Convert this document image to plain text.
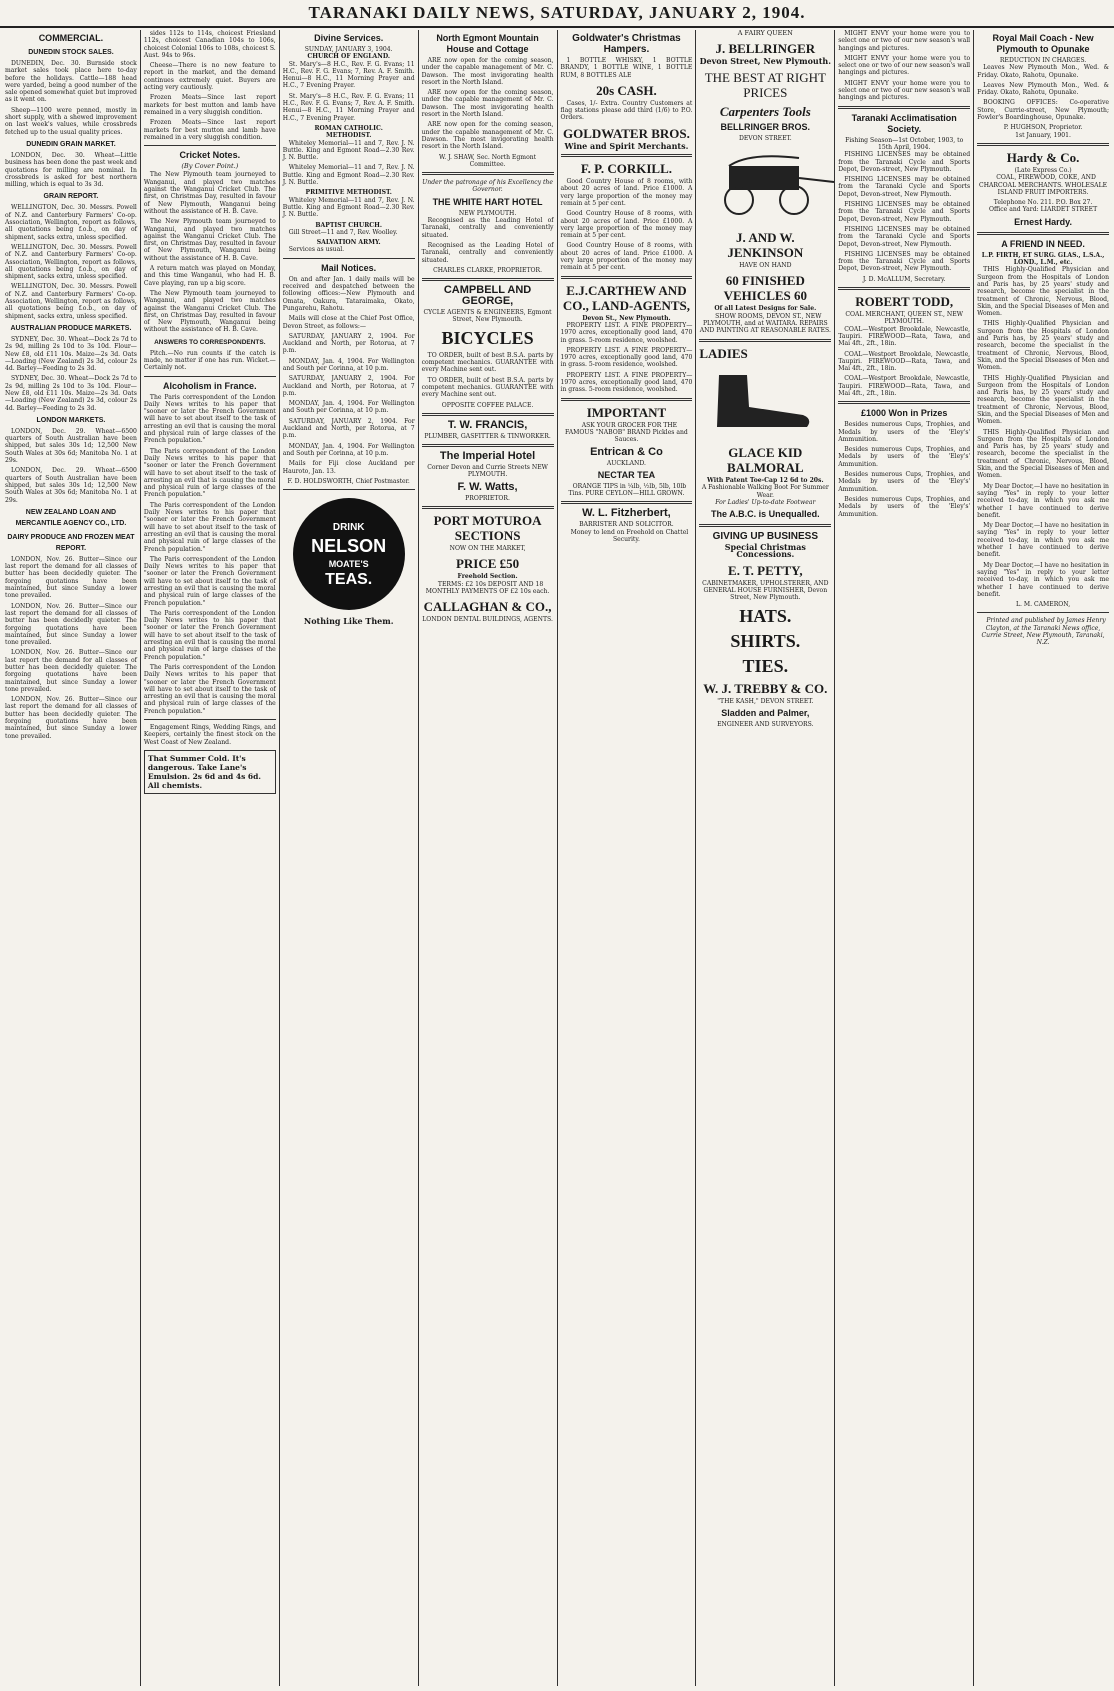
TARANAKI DAILY NEWS, SATURDAY, JANUARY 2, 1904.
COMMERCIAL.
DUNEDIN STOCK SALES.

DUNEDIN, Dec. 30. Burnside stock market sales took place here to-day before the holidays. Cattle—188 head were yarded, being a good number of the sale opened somewhat quiet but improved as it went on.

Sheep—1100 were penned, mostly in short supply, with a shewed improvement on last week's values, while crossbreds fetched up to the usual quality prices.

DUNEDIN GRAIN MARKET.

LONDON, Dec. 30. Wheat—Little business has been done the past week and quotations for milling are nominal. In crossbreds is asked for best northern milling, which is equal to 3s 3d.

GRAIN REPORT.

WELLINGTON, Dec. 30. Messrs. Powell of N.Z. and Canterbury Farmers' Co-op. Association, Wellington, report as follows, all quotations being f.o.b., on day of shipment, sacks extra, unless specified.

WELLINGTON, Dec. 30. Messrs. Powell of N.Z. and Canterbury Farmers' Co-op. Association, Wellington, report as follows, all quotations being f.o.b., on day of shipment, sacks extra, unless specified.

WELLINGTON, Dec. 30. Messrs. Powell of N.Z. and Canterbury Farmers' Co-op. Association, Wellington, report as follows, all quotations being f.o.b., on day of shipment, sacks extra, unless specified.

AUSTRALIAN PRODUCE MARKETS.

SYDNEY, Dec. 30. Wheat—Dock 2s 7d to 2s 9d, milling 2s 10d to 3s 10d. Flour—New £8, old £11 10s. Maize—2s 3d. Oats—Loading (New Zealand) 2s 3d, colour 2s 4d. Barley—Feeding to 2s 3d.

SYDNEY, Dec. 30. Wheat—Dock 2s 7d to 2s 9d, milling 2s 10d to 3s 10d. Flour—New £8, old £11 10s. Maize—2s 3d. Oats—Loading (New Zealand) 2s 3d, colour 2s 4d. Barley—Feeding to 2s 3d.

LONDON MARKETS.

LONDON, Dec. 29. Wheat—6500 quarters of South Australian have been shipped, but sales 30s 1d; 12,500 New South Wales at 30s 6d; Manitoba No. 1 at 29s.

LONDON, Dec. 29. Wheat—6500 quarters of South Australian have been shipped, but sales 30s 1d; 12,500 New South Wales at 30s 6d; Manitoba No. 1 at 29s.

NEW ZEALAND LOAN AND MERCANTILE AGENCY CO., LTD.
DAIRY PRODUCE AND FROZEN MEAT REPORT.

LONDON, Nov. 26. Butter—Since our last report the demand for all classes of butter has been decidedly quieter. The forgoing quotations have been maintained, but since Sunday a lower tone prevailed.

LONDON, Nov. 26. Butter—Since our last report the demand for all classes of butter has been decidedly quieter. The forgoing quotations have been maintained, but since Sunday a lower tone prevailed.

LONDON, Nov. 26. Butter—Since our last report the demand for all classes of butter has been decidedly quieter. The forgoing quotations have been maintained, but since Sunday a lower tone prevailed.

LONDON, Nov. 26. Butter—Since our last report the demand for all classes of butter has been decidedly quieter. The forgoing quotations have been maintained, but since Sunday a lower tone prevailed.

sides 112s to 114s, choicest Friesland 112s, choicest Canadian 104s to 106s, choicest Colonial 106s to 108s, choicest S. Aust. 94s to 96s.

Cheese—There is no new feature to report in the market, and the demand continues extremely quiet. Buyers are acting very cautiously.

Frozen Meats—Since last report markets for best mutton and lamb have remained in a very sluggish condition.

Frozen Meats—Since last report markets for best mutton and lamb have remained in a very sluggish condition.

Cricket Notes.
(By Cover Point.)

The New Plymouth team journeyed to Wanganui, and played two matches against the Wanganui Cricket Club. The first, on Christmas Day, resulted in favour of New Plymouth, Wanganui being without the assistance of H. B. Cave.

The New Plymouth team journeyed to Wanganui, and played two matches against the Wanganui Cricket Club. The first, on Christmas Day, resulted in favour of New Plymouth, Wanganui being without the assistance of H. B. Cave.

A return match was played on Monday, and this time Wanganui, who had H. B. Cave playing, ran up a big score.

The New Plymouth team journeyed to Wanganui, and played two matches against the Wanganui Cricket Club. The first, on Christmas Day, resulted in favour of New Plymouth, Wanganui being without the assistance of H. B. Cave.

ANSWERS TO CORRESPONDENTS.

Pitch.—No run counts if the catch is made, no matter if one has run. Wicket.—Certainly not.

Alcoholism in France.

The Paris correspondent of the London Daily News writes to his paper that "sooner or later the French Government will have to set about itself to the task of arresting an evil that is causing the moral and physical ruin of large classes of the French population."

The Paris correspondent of the London Daily News writes to his paper that "sooner or later the French Government will have to set about itself to the task of arresting an evil that is causing the moral and physical ruin of large classes of the French population."

The Paris correspondent of the London Daily News writes to his paper that "sooner or later the French Government will have to set about itself to the task of arresting an evil that is causing the moral and physical ruin of large classes of the French population."

The Paris correspondent of the London Daily News writes to his paper that "sooner or later the French Government will have to set about itself to the task of arresting an evil that is causing the moral and physical ruin of large classes of the French population."

The Paris correspondent of the London Daily News writes to his paper that "sooner or later the French Government will have to set about itself to the task of arresting an evil that is causing the moral and physical ruin of large classes of the French population."

The Paris correspondent of the London Daily News writes to his paper that "sooner or later the French Government will have to set about itself to the task of arresting an evil that is causing the moral and physical ruin of large classes of the French population."

Engagement Rings, Wedding Rings, and Keepers, certainly the finest stock on the West Coast of New Zealand.

That Summer Cold. It's dangerous. Take Lane's Emulsion. 2s 6d and 4s 6d. All chemists.
Divine Services.
SUNDAY, JANUARY 3, 1904.
CHURCH OF ENGLAND.

St. Mary's—8 H.C., Rev. F. G. Evans; 11 H.C., Rev. F. G. Evans; 7, Rev. A. F. Smith. Henui—8 H.C., 11 Morning Prayer and H.C., 7 Evening Prayer.

St. Mary's—8 H.C., Rev. F. G. Evans; 11 H.C., Rev. F. G. Evans; 7, Rev. A. F. Smith. Henui—8 H.C., 11 Morning Prayer and H.C., 7 Evening Prayer.

ROMAN CATHOLIC.
METHODIST.

Whiteley Memorial—11 and 7, Rev. J. N. Buttle. King and Egmont Road—2.30 Rev. J. N. Buttle.

Whiteley Memorial—11 and 7, Rev. J. N. Buttle. King and Egmont Road—2.30 Rev. J. N. Buttle.

PRIMITIVE METHODIST.

Whiteley Memorial—11 and 7, Rev. J. N. Buttle. King and Egmont Road—2.30 Rev. J. N. Buttle.

BAPTIST CHURCH.

Gill Street—11 and 7, Rev. Woolley.

SALVATION ARMY.

Services as usual.

Mail Notices.

On and after Jan. 1 daily mails will be received and despatched between the following offices:—New Plymouth and Omata, Oakura, Tataraimaka, Okato, Pungarehu, Rahotu.

Mails will close at the Chief Post Office, Devon Street, as follows:—

SATURDAY, JANUARY 2, 1904. For Auckland and North, per Rotorua, at 7 p.m.

MONDAY, Jan. 4, 1904. For Wellington and South per Corinna, at 10 p.m.

SATURDAY, JANUARY 2, 1904. For Auckland and North, per Rotorua, at 7 p.m.

MONDAY, Jan. 4, 1904. For Wellington and South per Corinna, at 10 p.m.

SATURDAY, JANUARY 2, 1904. For Auckland and North, per Rotorua, at 7 p.m.

MONDAY, Jan. 4, 1904. For Wellington and South per Corinna, at 10 p.m.

Mails for Fiji close Auckland per Hauroto, Jan. 13.

F. D. HOLDSWORTH, Chief Postmaster.
DRINK
NELSON
MOATE'S
TEAS.
Nothing Like Them.
North Egmont Mountain House and Cottage

ARE now open for the coming season, under the capable management of Mr. C. Dawson. The most invigorating health resort in the North Island.

ARE now open for the coming season, under the capable management of Mr. C. Dawson. The most invigorating health resort in the North Island.

ARE now open for the coming season, under the capable management of Mr. C. Dawson. The most invigorating health resort in the North Island.

W. J. SHAW, Sec. North Egmont Committee.
Under the patronage of his Excellency the Governor.
THE WHITE HART HOTEL
NEW PLYMOUTH.

Recognised as the Leading Hotel of Taranaki, centrally and conveniently situated.

Recognised as the Leading Hotel of Taranaki, centrally and conveniently situated.

CHARLES CLARKE, PROPRIETOR.
CAMPBELL AND GEORGE,
CYCLE AGENTS & ENGINEERS, Egmont Street, New Plymouth.
BICYCLES

TO ORDER, built of best B.S.A. parts by competent mechanics. GUARANTEE with every Machine sent out.

TO ORDER, built of best B.S.A. parts by competent mechanics. GUARANTEE with every Machine sent out.

OPPOSITE COFFEE PALACE.
T. W. FRANCIS,
PLUMBER, GASFITTER & TINWORKER.
The Imperial Hotel
Corner Devon and Currie Streets NEW PLYMOUTH.
F. W. Watts,
PROPRIETOR.
PORT MOTUROA SECTIONS
NOW ON THE MARKET,
PRICE £50
Freehold Section.

TERMS: £2 10s DEPOSIT AND 18 MONTHLY PAYMENTS OF £2 10s each.

CALLAGHAN & CO.,
LONDON DENTAL BUILDINGS, AGENTS.
Goldwater's Christmas Hampers.

1 BOTTLE WHISKY, 1 BOTTLE BRANDY, 1 BOTTLE WINE, 1 BOTTLE RUM, 8 BOTTLES ALE

20s CASH.

Cases, 1/- Extra. Country Customers at flag stations please add third (1/6) to P.O. Orders.

GOLDWATER BROS.
Wine and Spirit Merchants.
F. P. CORKILL.

Good Country House of 8 rooms, with about 20 acres of land. Price £1000. A very large proportion of the money may remain at 5 per cent.

Good Country House of 8 rooms, with about 20 acres of land. Price £1000. A very large proportion of the money may remain at 5 per cent.

Good Country House of 8 rooms, with about 20 acres of land. Price £1000. A very large proportion of the money may remain at 5 per cent.

E.J.CARTHEW AND CO., LAND-AGENTS,
Devon St., New Plymouth.

PROPERTY LIST. A FINE PROPERTY—1970 acres, exceptionally good land, 470 in grass. 5-room residence, woolshed.

PROPERTY LIST. A FINE PROPERTY—1970 acres, exceptionally good land, 470 in grass. 5-room residence, woolshed.

PROPERTY LIST. A FINE PROPERTY—1970 acres, exceptionally good land, 470 in grass. 5-room residence, woolshed.

IMPORTANT

ASK YOUR GROCER FOR THE FAMOUS "NABOB" BRAND Pickles and Sauces.

Entrican & Co
AUCKLAND.
NECTAR TEA

ORANGE TIPS in ¼lb, ½lb, 5lb, 10lb Tins. PURE CEYLON—HILL GROWN.

W. L. Fitzherbert,
BARRISTER AND SOLICITOR.

Money to lend on Freehold on Chattel Security.

A FAIRY QUEEN
J. BELLRINGER
Devon Street, New Plymouth.
THE BEST AT RIGHT PRICES
Carpenters Tools
BELLRINGER BROS.
DEVON STREET.
J. AND W. JENKINSON
HAVE ON HAND
60 FINISHED VEHICLES 60
Of all Latest Designs for Sale.

SHOW ROOMS, DEVON ST., NEW PLYMOUTH, and at WAITARA. REPAIRS AND PAINTING AT REASONABLE RATES.

LADIES
GLACE KID BALMORAL
With Patent Toe-Cap 12 6d to 20s.
A Fashionable Walking Boot For Summer Wear.
For Ladies' Up-to-date Footwear
The A.B.C. is Unequalled.
GIVING UP BUSINESS
Special Christmas Concessions.
E. T. PETTY,
CABINETMAKER, UPHOLSTERER, AND GENERAL HOUSE FURNISHER, Devon Street, New Plymouth.
HATS.
SHIRTS.
TIES.
W. J. TREBBY & CO.
"THE KASH," DEVON STREET.
Sladden and Palmer,
ENGINEER AND SURVEYORS.

MIGHT ENVY your home were you to select one or two of our new season's wall hangings and pictures.

MIGHT ENVY your home were you to select one or two of our new season's wall hangings and pictures.

MIGHT ENVY your home were you to select one or two of our new season's wall hangings and pictures.

Taranaki Acclimatisation Society.
Fishing Season—1st October, 1903, to 15th April, 1904.

FISHING LICENSES may be obtained from the Taranaki Cycle and Sports Depot, Devon-street, New Plymouth.

FISHING LICENSES may be obtained from the Taranaki Cycle and Sports Depot, Devon-street, New Plymouth.

FISHING LICENSES may be obtained from the Taranaki Cycle and Sports Depot, Devon-street, New Plymouth.

FISHING LICENSES may be obtained from the Taranaki Cycle and Sports Depot, Devon-street, New Plymouth.

FISHING LICENSES may be obtained from the Taranaki Cycle and Sports Depot, Devon-street, New Plymouth.

J. D. McALLUM, Secretary.
ROBERT TODD,
COAL MERCHANT, QUEEN ST., NEW PLYMOUTH.

COAL—Westport Brookdale, Newcastle, Taupiri. FIREWOOD—Rata, Tawa, and Mai 4ft., 2ft., 18in.

COAL—Westport Brookdale, Newcastle, Taupiri. FIREWOOD—Rata, Tawa, and Mai 4ft., 2ft., 18in.

COAL—Westport Brookdale, Newcastle, Taupiri. FIREWOOD—Rata, Tawa, and Mai 4ft., 2ft., 18in.

£1000 Won in Prizes

Besides numerous Cups, Trophies, and Medals by users of the 'Eley's' Ammunition.

Besides numerous Cups, Trophies, and Medals by users of the 'Eley's' Ammunition.

Besides numerous Cups, Trophies, and Medals by users of the 'Eley's' Ammunition.

Besides numerous Cups, Trophies, and Medals by users of the 'Eley's' Ammunition.

Royal Mail Coach - New Plymouth to Opunake
REDUCTION IN CHARGES.

Leaves New Plymouth Mon., Wed. & Friday. Okato, Rahotu, Opunake.

Leaves New Plymouth Mon., Wed. & Friday. Okato, Rahotu, Opunake.

BOOKING OFFICES: Co-operative Store, Currie-street, New Plymouth; Fowler's Boardinghouse, Opunake.

P. HUGHSON, Proprietor.
1st January, 1901.
Hardy & Co.
(Late Express Co.)

COAL, FIREWOOD, COKE, AND CHARCOAL MERCHANTS. WHOLESALE ISLAND FRUIT IMPORTERS.

Telephone No. 211. P.O. Box 27.
Office and Yard: LIARDET STREET
Ernest Hardy.
A FRIEND IN NEED.
L.P. FIRTH, ET SURG. GLAS., L.S.A., LOND., L.M., etc.

THIS Highly-Qualified Physician and Surgeon from the Hospitals of London and Paris has, by 25 years' study and research, become the specialist in the treatment of Chronic, Nervous, Blood, Skin, and the Special Diseases of Men and Women.

THIS Highly-Qualified Physician and Surgeon from the Hospitals of London and Paris has, by 25 years' study and research, become the specialist in the treatment of Chronic, Nervous, Blood, Skin, and the Special Diseases of Men and Women.

THIS Highly-Qualified Physician and Surgeon from the Hospitals of London and Paris has, by 25 years' study and research, become the specialist in the treatment of Chronic, Nervous, Blood, Skin, and the Special Diseases of Men and Women.

THIS Highly-Qualified Physician and Surgeon from the Hospitals of London and Paris has, by 25 years' study and research, become the specialist in the treatment of Chronic, Nervous, Blood, Skin, and the Special Diseases of Men and Women.

My Dear Doctor,—I have no hesitation in saying "Yes" in reply to your letter received to-day, in which you ask me whether I have continued to derive benefit.

My Dear Doctor,—I have no hesitation in saying "Yes" in reply to your letter received to-day, in which you ask me whether I have continued to derive benefit.

My Dear Doctor,—I have no hesitation in saying "Yes" in reply to your letter received to-day, in which you ask me whether I have continued to derive benefit.

L. M. CAMERON,

Printed and published by James Henry Clayton, at the Taranaki News office, Currie Street, New Plymouth, Taranaki, N.Z.
